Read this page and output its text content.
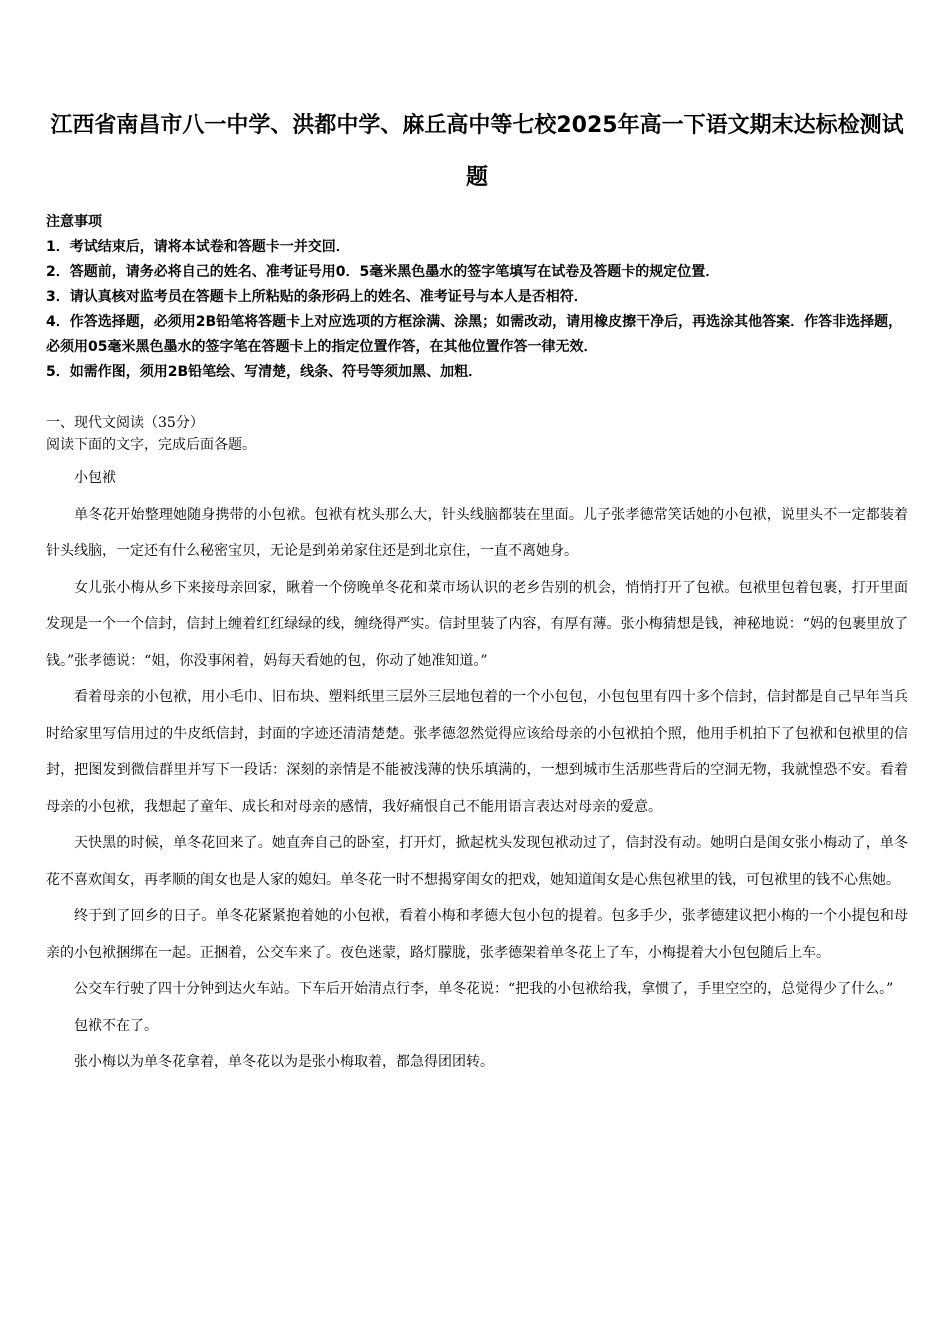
江西省南昌市八一中学、洪都中学、麻丘高中等七校2025年高一下语文期末达标检测试题

注意事项

1．考试结束后，请将本试卷和答题卡一并交回．
2．答题前，请务必将自己的姓名、准考证号用0．5毫米黑色墨水的签字笔填写在试卷及答题卡的规定位置．
3．请认真核对监考员在答题卡上所粘贴的条形码上的姓名、准考证号与本人是否相符．
4．作答选择题，必须用2B铅笔将答题卡上对应选项的方框涂满、涂黑；如需改动，请用橡皮擦干净后，再选涂其他答案．作答非选择题，必须用05毫米黑色墨水的签字笔在答题卡上的指定位置作答，在其他位置作答一律无效．
5．如需作图，须用2B铅笔绘、写清楚，线条、符号等须加黑、加粗．

一、现代文阅读（35分）

阅读下面的文字，完成后面各题。

小包袱

单冬花开始整理她随身携带的小包袱。包袱有枕头那么大，针头线脑都装在里面。儿子张孝德常笑话她的小包袱，说里头不一定都装着针头线脑，一定还有什么秘密宝贝，无论是到弟弟家住还是到北京住，一直不离她身。

女儿张小梅从乡下来接母亲回家，瞅着一个傍晚单冬花和菜市场认识的老乡告别的机会，悄悄打开了包袱。包袱里包着包裹，打开里面发现是一个一个信封，信封上缠着红红绿绿的线，缠绕得严实。信封里装了内容，有厚有薄。张小梅猜想是钱，神秘地说：“妈的包裹里放了钱。”张孝德说：“姐，你没事闲着，妈每天看她的包，你动了她准知道。”

看着母亲的小包袱，用小毛巾、旧布块、塑料纸里三层外三层地包着的一个小包包，小包包里有四十多个信封，信封都是自己早年当兵时给家里写信用过的牛皮纸信封，封面的字迹还清清楚楚。张孝德忽然觉得应该给母亲的小包袱拍个照，他用手机拍下了包袱和包袱里的信封，把图发到微信群里并写下一段话：深刻的亲情是不能被浅薄的快乐填满的，一想到城市生活那些背后的空洞无物，我就惶恐不安。看着母亲的小包袱，我想起了童年、成长和对母亲的感情，我好痛恨自己不能用语言表达对母亲的爱意。

天快黑的时候，单冬花回来了。她直奔自己的卧室，打开灯，掀起枕头发现包袱动过了，信封没有动。她明白是闺女张小梅动了，单冬花不喜欢闺女，再孝顺的闺女也是人家的媳妇。单冬花一时不想揭穿闺女的把戏，她知道闺女是心焦包袱里的钱，可包袱里的钱不心焦她。

终于到了回乡的日子。单冬花紧紧抱着她的小包袱，看着小梅和孝德大包小包的提着。包多手少，张孝德建议把小梅的一个小提包和母亲的小包袱捆绑在一起。正捆着，公交车来了。夜色迷蒙，路灯朦胧，张孝德架着单冬花上了车，小梅提着大小包包随后上车。

公交车行驶了四十分钟到达火车站。下车后开始清点行李，单冬花说：“把我的小包袱给我，拿惯了，手里空空的，总觉得少了什么。”

包袱不在了。

张小梅以为单冬花拿着，单冬花以为是张小梅取着，都急得团团转。
